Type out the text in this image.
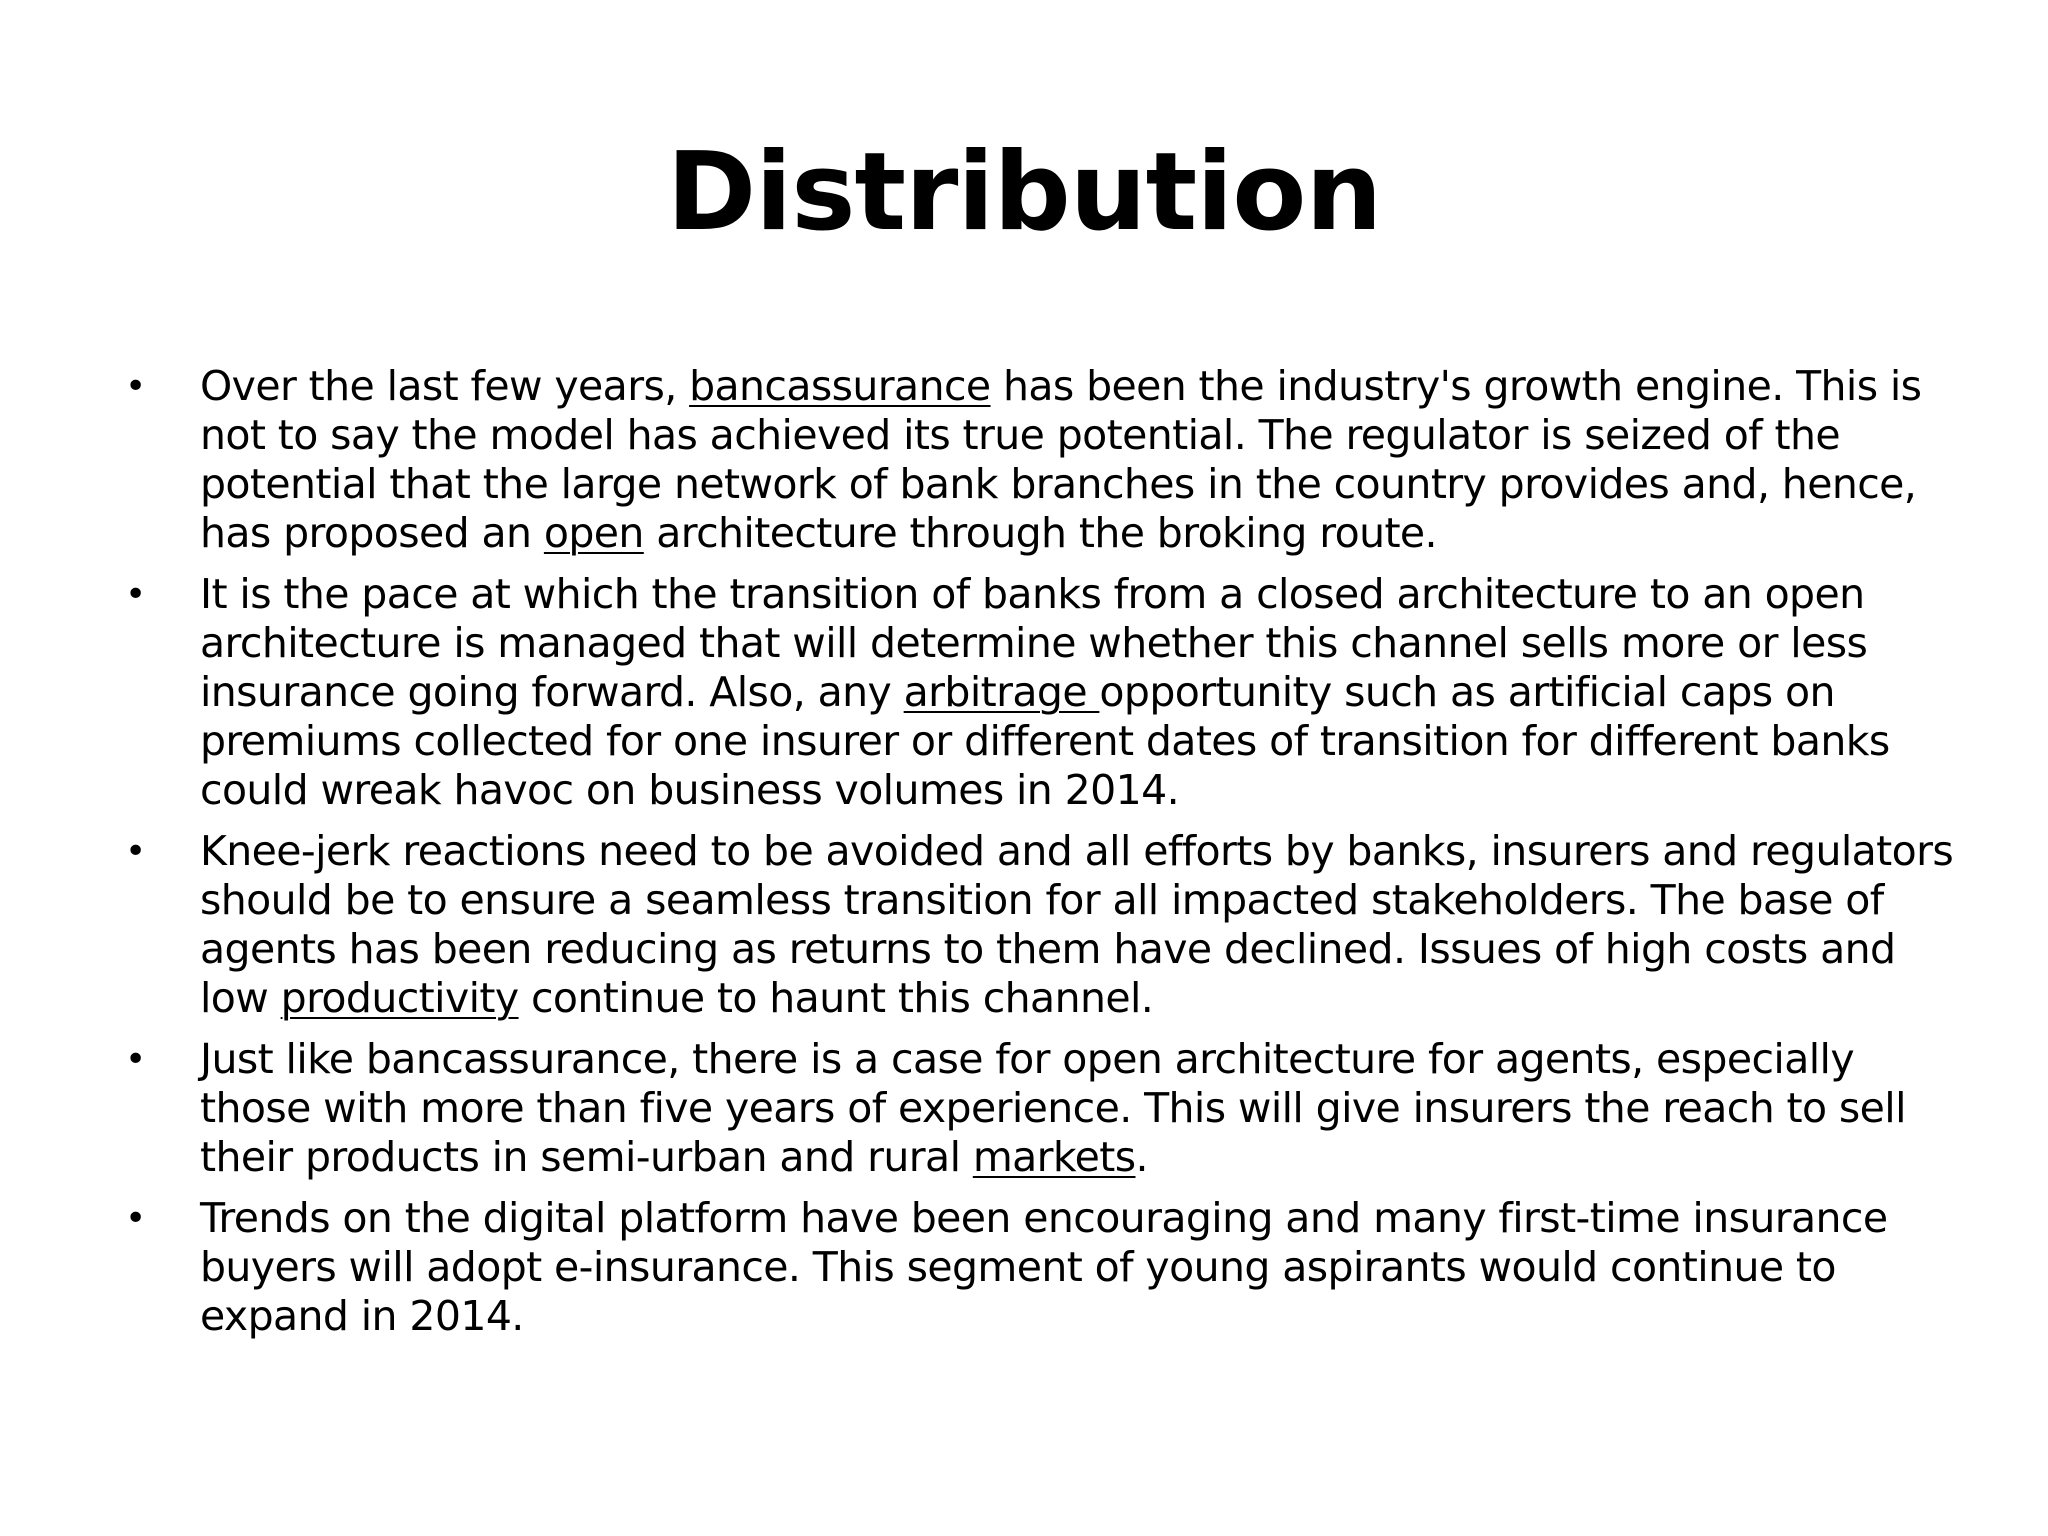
Distribution
• Over the last few years, bancassurance has been the industry's growth engine. This is not to say the model has achieved its true potential. The regulator is seized of the potential that the large network of bank branches in the country provides and, hence, has proposed an open architecture through the broking route.
• It is the pace at which the transition of banks from a closed architecture to an open architecture is managed that will determine whether this channel sells more or less insurance going forward. Also, any arbitrage opportunity such as artificial caps on premiums collected for one insurer or different dates of transition for different banks could wreak havoc on business volumes in 2014.
• Knee-jerk reactions need to be avoided and all efforts by banks, insurers and regulators should be to ensure a seamless transition for all impacted stakeholders. The base of agents has been reducing as returns to them have declined. Issues of high costs and low productivity continue to haunt this channel.
• Just like bancassurance, there is a case for open architecture for agents, especially those with more than five years of experience. This will give insurers the reach to sell their products in semi-urban and rural markets.
• Trends on the digital platform have been encouraging and many first-time insurance buyers will adopt e-insurance. This segment of young aspirants would continue to expand in 2014.
